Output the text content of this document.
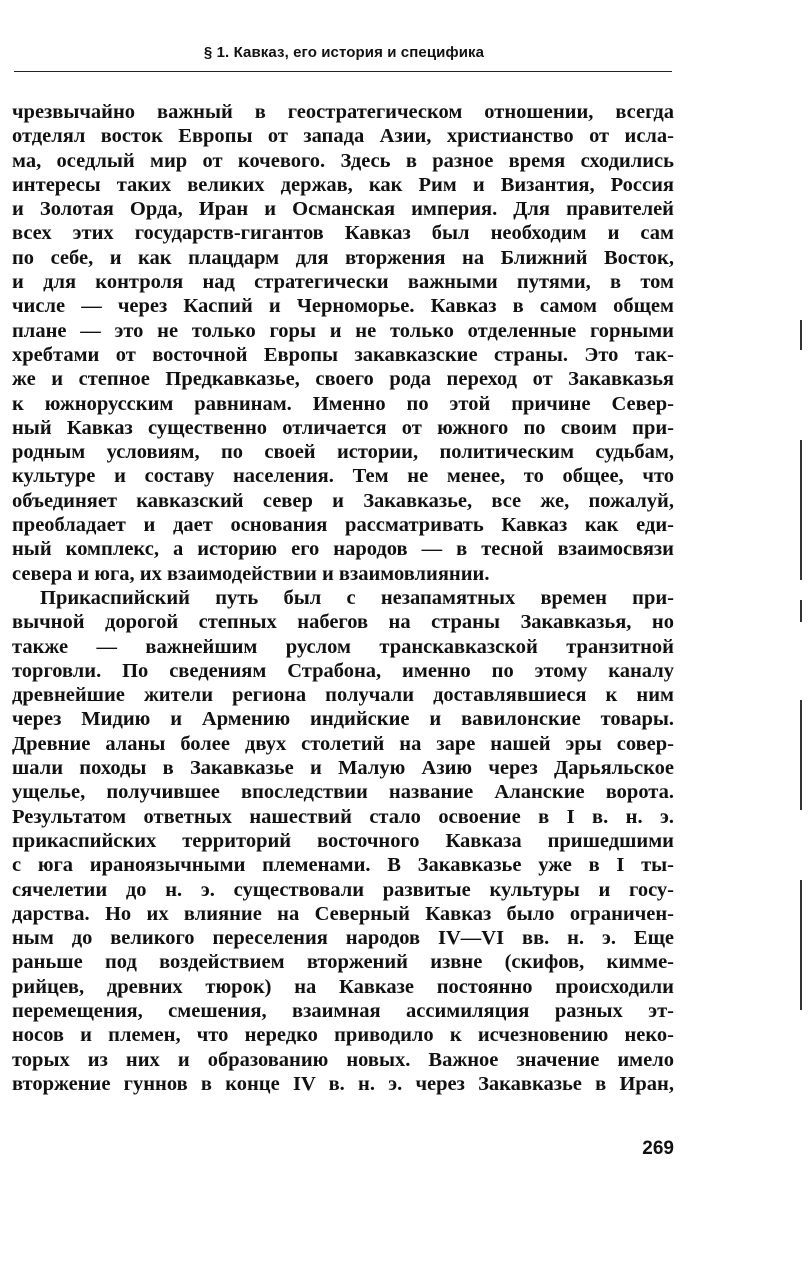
§ 1. Кавказ, его история и специфика
чрезвычайно важный в геостратегическом отношении, всегда
отделял восток Европы от запада Азии, христианство от исла-
ма, оседлый мир от кочевого. Здесь в разное время сходились
интересы таких великих держав, как Рим и Византия, Россия
и Золотая Орда, Иран и Османская империя. Для правителей
всех этих государств-гигантов Кавказ был необходим и сам
по себе, и как плацдарм для вторжения на Ближний Восток,
и для контроля над стратегически важными путями, в том
числе — через Каспий и Черноморье. Кавказ в самом общем
плане — это не только горы и не только отделенные горными
хребтами от восточной Европы закавказские страны. Это так-
же и степное Предкавказье, своего рода переход от Закавказья
к южнорусским равнинам. Именно по этой причине Север-
ный Кавказ существенно отличается от южного по своим при-
родным условиям, по своей истории, политическим судьбам,
культуре и составу населения. Тем не менее, то общее, что
объединяет кавказский север и Закавказье, все же, пожалуй,
преобладает и дает основания рассматривать Кавказ как еди-
ный комплекс, а историю его народов — в тесной взаимосвязи
севера и юга, их взаимодействии и взаимовлиянии.
Прикаспийский путь был с незапамятных времен при-
вычной дорогой степных набегов на страны Закавказья, но
также — важнейшим руслом транскавказской транзитной
торговли. По сведениям Страбона, именно по этому каналу
древнейшие жители региона получали доставлявшиеся к ним
через Мидию и Армению индийские и вавилонские товары.
Древние аланы более двух столетий на заре нашей эры совер-
шали походы в Закавказье и Малую Азию через Дарьяльское
ущелье, получившее впоследствии название Аланские ворота.
Результатом ответных нашествий стало освоение в I в. н. э.
прикаспийских территорий восточного Кавказа пришедшими
с юга ираноязычными племенами. В Закавказье уже в I ты-
сячелетии до н. э. существовали развитые культуры и госу-
дарства. Но их влияние на Северный Кавказ было ограничен-
ным до великого переселения народов IV—VI вв. н. э. Еще
раньше под воздействием вторжений извне (скифов, кимме-
рийцев, древних тюрок) на Кавказе постоянно происходили
перемещения, смешения, взаимная ассимиляция разных эт-
носов и племен, что нередко приводило к исчезновению неко-
торых из них и образованию новых. Важное значение имело
вторжение гуннов в конце IV в. н. э. через Закавказье в Иран,
269
